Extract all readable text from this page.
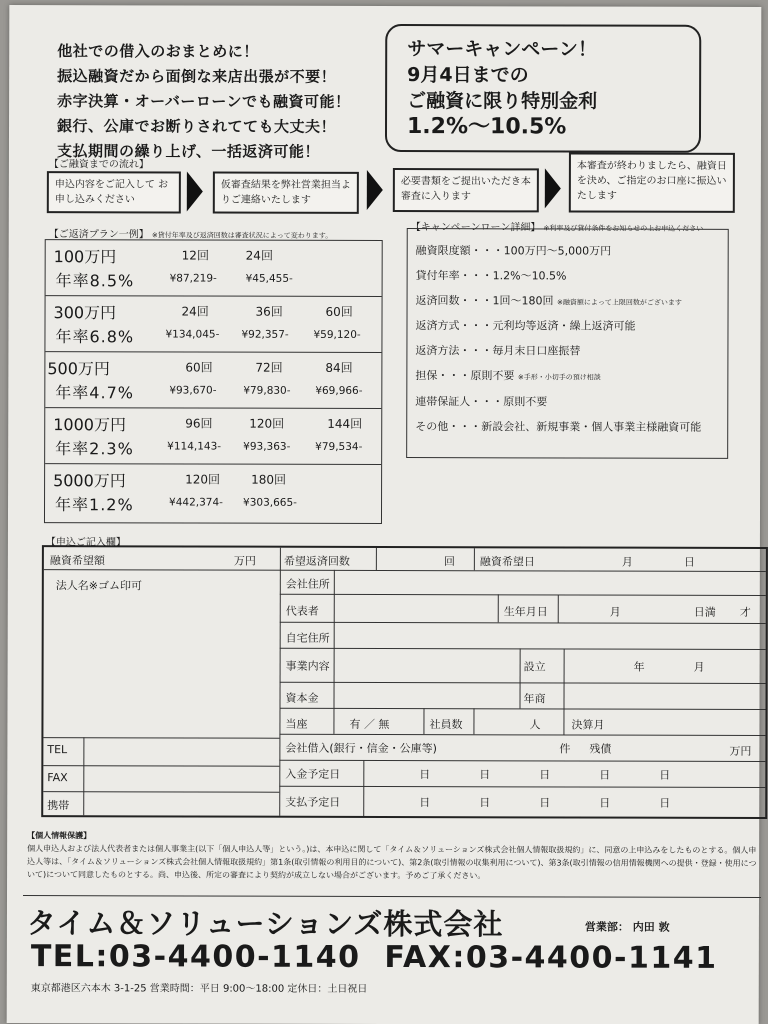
他社での借入のおまとめに！
振込融資だから面倒な来店出張が不要！
赤字決算・オーバーローンでも融資可能！
銀行、公庫でお断りされてても大丈夫！
支払期間の繰り上げ、一括返済可能！
サマーキャンペーン！
9月4日までの
ご融資に限り特別金利
1.2%〜10.5%
【ご融資までの流れ】
申込内容をご記入して お申し込みください
仮審査結果を弊社営業担当よりご連絡いたします
必要書類をご提出いただき本審査に入ります
本審査が終わりましたら、融資日を決め、ご指定のお口座に振込いたします
【ご返済プラン一例】 ※貸付年率及び返済回数は審査状況によって変わります。
100万円
年率8.5%
12回	24回
¥87,219-	¥45,455-
300万円
年率6.8%
24回	36回	60回
¥134,045- ¥92,357- ¥59,120-
500万円
年率4.7%
60回	72回	84回
¥93,670-	¥79,830- ¥69,966-
1000万円
年率2.3%
96回	120回	144回
¥114,143- ¥93,363- ¥79,534-
5000万円
年率1.2%
120回	180回
¥442,374- ¥303,665-
【キャンペーンローン詳細】 ※利率及び貸付条件をお知らせの上お申込ください
融資限度額・・・100万円〜5,000万円
貸付年率・・・1.2%〜10.5%
返済回数・・・1回〜180回 ※融資額によって上限回数がございます
返済方式・・・元利均等返済・繰上返済可能
返済方法・・・毎月末日口座振替
担保・・・原則不要 ※手形・小切手の預け相談
連帯保証人・・・原則不要
その他・・・新設会社、新規事業・個人事業主様融資可能
【申込ご記入欄】
融資希望額	万円	希望返済回数	回 融資希望日	月	日
法人名※ゴム印可	会社住所
代表者	生年月日	月	日満 才
自宅住所
事業内容	設立	年	月
資本金	年商
当座	有 ／ 無	社員数	人	決算月
TEL	会社借入(銀行・信金・公庫等)	件 残債	万円
FAX	入金予定日	日	日	日	日	日
携帯	支払予定日	日	日	日	日	日
【個人情報保護】
個人申込人および法人代表者または個人事業主(以下「個人申込人等」という。)は、本申込に関して「タイム＆ソリューションズ株式会社個人情報取扱規約」に、同意の上申込みをしたものとする。個人申込人等は、「タイム＆ソリューションズ株式会社個人情報取扱規約」第1条(取引情報の利用目的について)、第2条(取引情報の収集利用について)、第3条(取引情報の信用情報機関への提供・登録・使用について)について同意したものとする。尚、申込後、所定の審査により契約が成立しない場合がございます。予めご了承ください。
タイム＆ソリューションズ株式会社	営業部： 内田 敦
TEL:03-4400-1140 FAX:03-4400-1141
東京都港区六本木 3-1-25 営業時間：平日 9:00〜18:00 定休日：土日祝日
